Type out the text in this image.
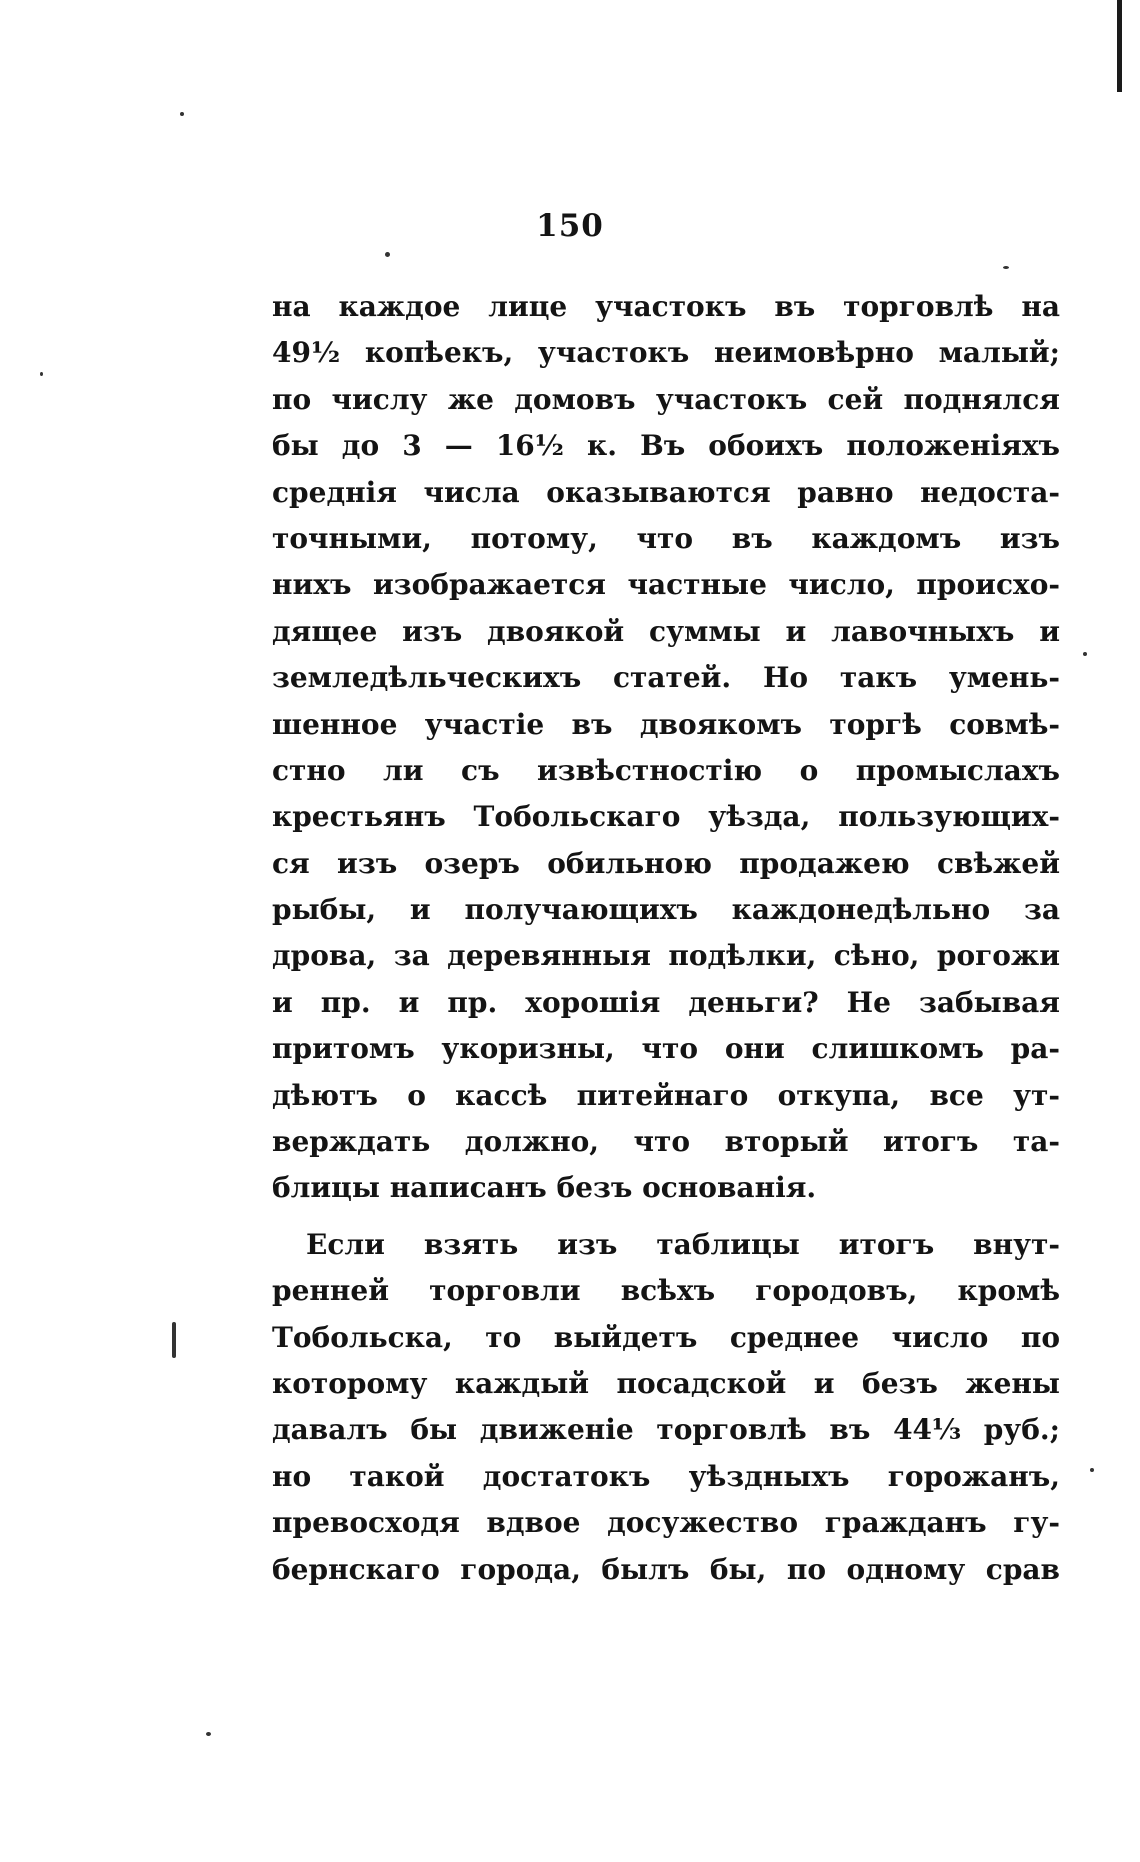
150
на каждое лице участокъ въ торговлѣ на
49½ копѣекъ, участокъ неимовѣрно малый;
по числу же домовъ участокъ сей поднялся
бы до 3 — 16½ к. Въ обоихъ положеніяхъ
среднія числа оказываются равно недоста-
точными, потому, что въ каждомъ изъ
нихъ изображается частные число, происхо-
дящее изъ двоякой суммы и лавочныхъ и
земледѣльческихъ статей. Но такъ умень-
шенное участіе въ двоякомъ торгѣ совмѣ-
стно ли съ извѣстностію о промыслахъ
крестьянъ Тобольскаго уѣзда, пользующих-
ся изъ озеръ обильною продажею свѣжей
рыбы, и получающихъ каждонедѣльно за
дрова, за деревянныя подѣлки, сѣно, рогожи
и пр. и пр. хорошія деньги? Не забывая
притомъ укоризны, что они слишкомъ ра-
дѣютъ о кассѣ питейнаго откупа, все ут-
верждать должно, что вторый итогъ та-
блицы написанъ безъ основанія.
Если взять изъ таблицы итогъ внут-
ренней торговли всѣхъ городовъ, кромѣ
Тобольска, то выйдетъ среднее число по
которому каждый посадской и безъ жены
давалъ бы движеніе торговлѣ въ 44⅓ руб.;
но такой достатокъ уѣздныхъ горожанъ,
превосходя вдвое досужество гражданъ гу-
бернскаго города, былъ бы, по одному срав
